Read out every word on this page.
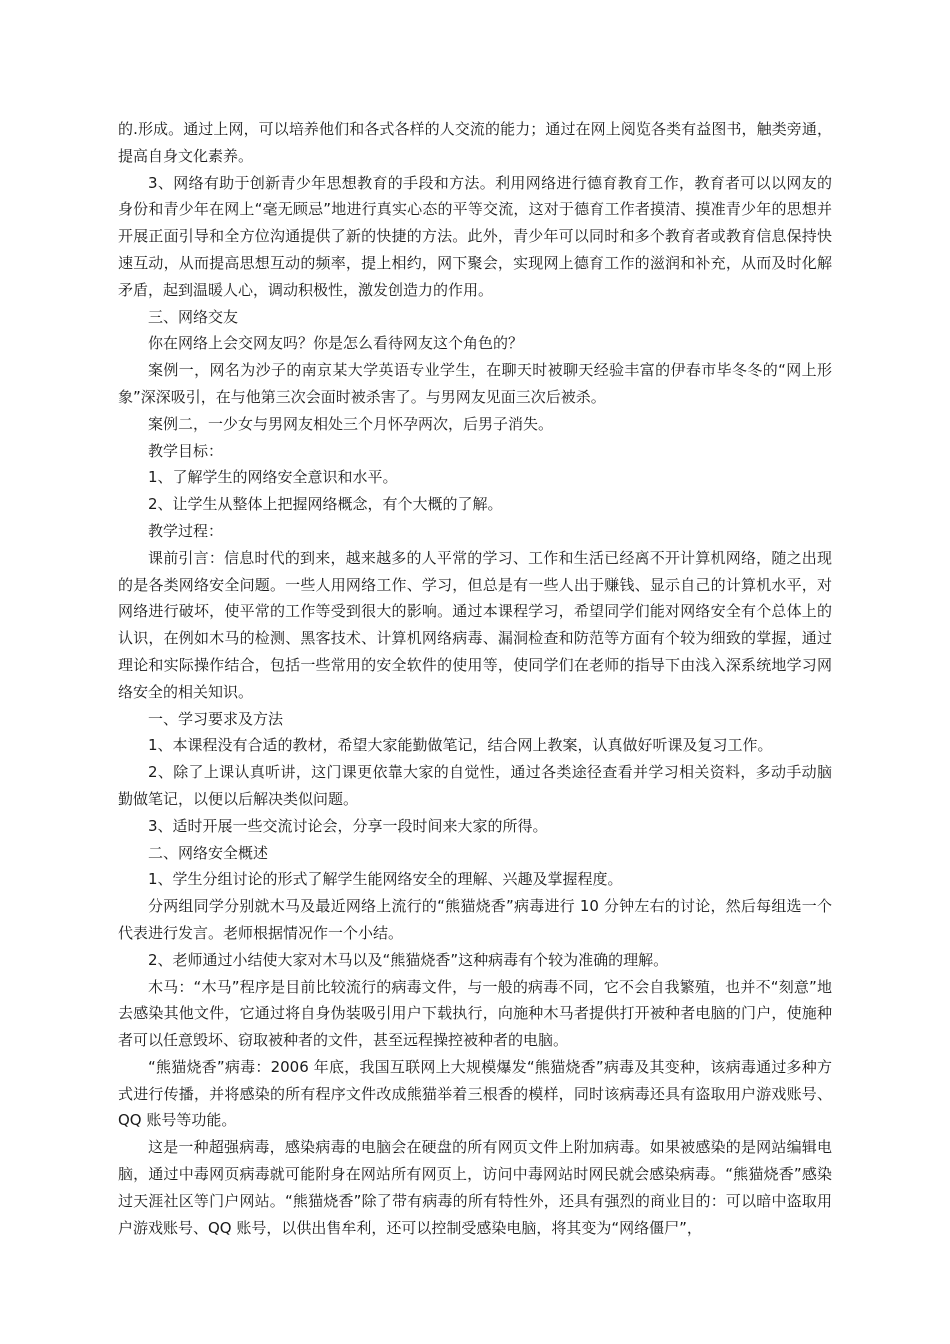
的.形成。通过上网，可以培养他们和各式各样的人交流的能力；通过在网上阅览各类有益图书，触类旁通，提高自身文化素养。

3、网络有助于创新青少年思想教育的手段和方法。利用网络进行德育教育工作，教育者可以以网友的身份和青少年在网上“毫无顾忌”地进行真实心态的平等交流，这对于德育工作者摸清、摸准青少年的思想并开展正面引导和全方位沟通提供了新的快捷的方法。此外，青少年可以同时和多个教育者或教育信息保持快速互动，从而提高思想互动的频率，提上相约，网下聚会，实现网上德育工作的滋润和补充，从而及时化解矛盾，起到温暖人心，调动积极性，激发创造力的作用。

三、网络交友

你在网络上会交网友吗？你是怎么看待网友这个角色的？

案例一，网名为沙子的南京某大学英语专业学生，在聊天时被聊天经验丰富的伊春市毕冬冬的“网上形象”深深吸引，在与他第三次会面时被杀害了。与男网友见面三次后被杀。

案例二，一少女与男网友相处三个月怀孕两次，后男子消失。

教学目标：

1、了解学生的网络安全意识和水平。

2、让学生从整体上把握网络概念，有个大概的了解。

教学过程：

课前引言：信息时代的到来，越来越多的人平常的学习、工作和生活已经离不开计算机网络，随之出现的是各类网络安全问题。一些人用网络工作、学习，但总是有一些人出于赚钱、显示自己的计算机水平，对网络进行破坏，使平常的工作等受到很大的影响。通过本课程学习，希望同学们能对网络安全有个总体上的认识，在例如木马的检测、黑客技术、计算机网络病毒、漏洞检查和防范等方面有个较为细致的掌握，通过理论和实际操作结合，包括一些常用的安全软件的使用等，使同学们在老师的指导下由浅入深系统地学习网络安全的相关知识。

一、学习要求及方法

1、本课程没有合适的教材，希望大家能勤做笔记，结合网上教案，认真做好听课及复习工作。

2、除了上课认真听讲，这门课更依靠大家的自觉性，通过各类途径查看并学习相关资料，多动手动脑勤做笔记，以便以后解决类似问题。

3、适时开展一些交流讨论会，分享一段时间来大家的所得。

二、网络安全概述

1、学生分组讨论的形式了解学生能网络安全的理解、兴趣及掌握程度。

分两组同学分别就木马及最近网络上流行的“熊猫烧香”病毒进行 10 分钟左右的讨论，然后每组选一个代表进行发言。老师根据情况作一个小结。

2、老师通过小结使大家对木马以及“熊猫烧香”这种病毒有个较为准确的理解。

木马：“木马”程序是目前比较流行的病毒文件，与一般的病毒不同，它不会自我繁殖，也并不“刻意”地去感染其他文件，它通过将自身伪装吸引用户下载执行，向施种木马者提供打开被种者电脑的门户，使施种者可以任意毁坏、窃取被种者的文件，甚至远程操控被种者的电脑。

“熊猫烧香”病毒：2006 年底，我国互联网上大规模爆发“熊猫烧香”病毒及其变种，该病毒通过多种方式进行传播，并将感染的所有程序文件改成熊猫举着三根香的模样，同时该病毒还具有盗取用户游戏账号、QQ 账号等功能。

这是一种超强病毒，感染病毒的电脑会在硬盘的所有网页文件上附加病毒。如果被感染的是网站编辑电脑，通过中毒网页病毒就可能附身在网站所有网页上，访问中毒网站时网民就会感染病毒。“熊猫烧香”感染过天涯社区等门户网站。“熊猫烧香”除了带有病毒的所有特性外，还具有强烈的商业目的：可以暗中盗取用户游戏账号、QQ 账号，以供出售牟利，还可以控制受感染电脑，将其变为“网络僵尸”，
